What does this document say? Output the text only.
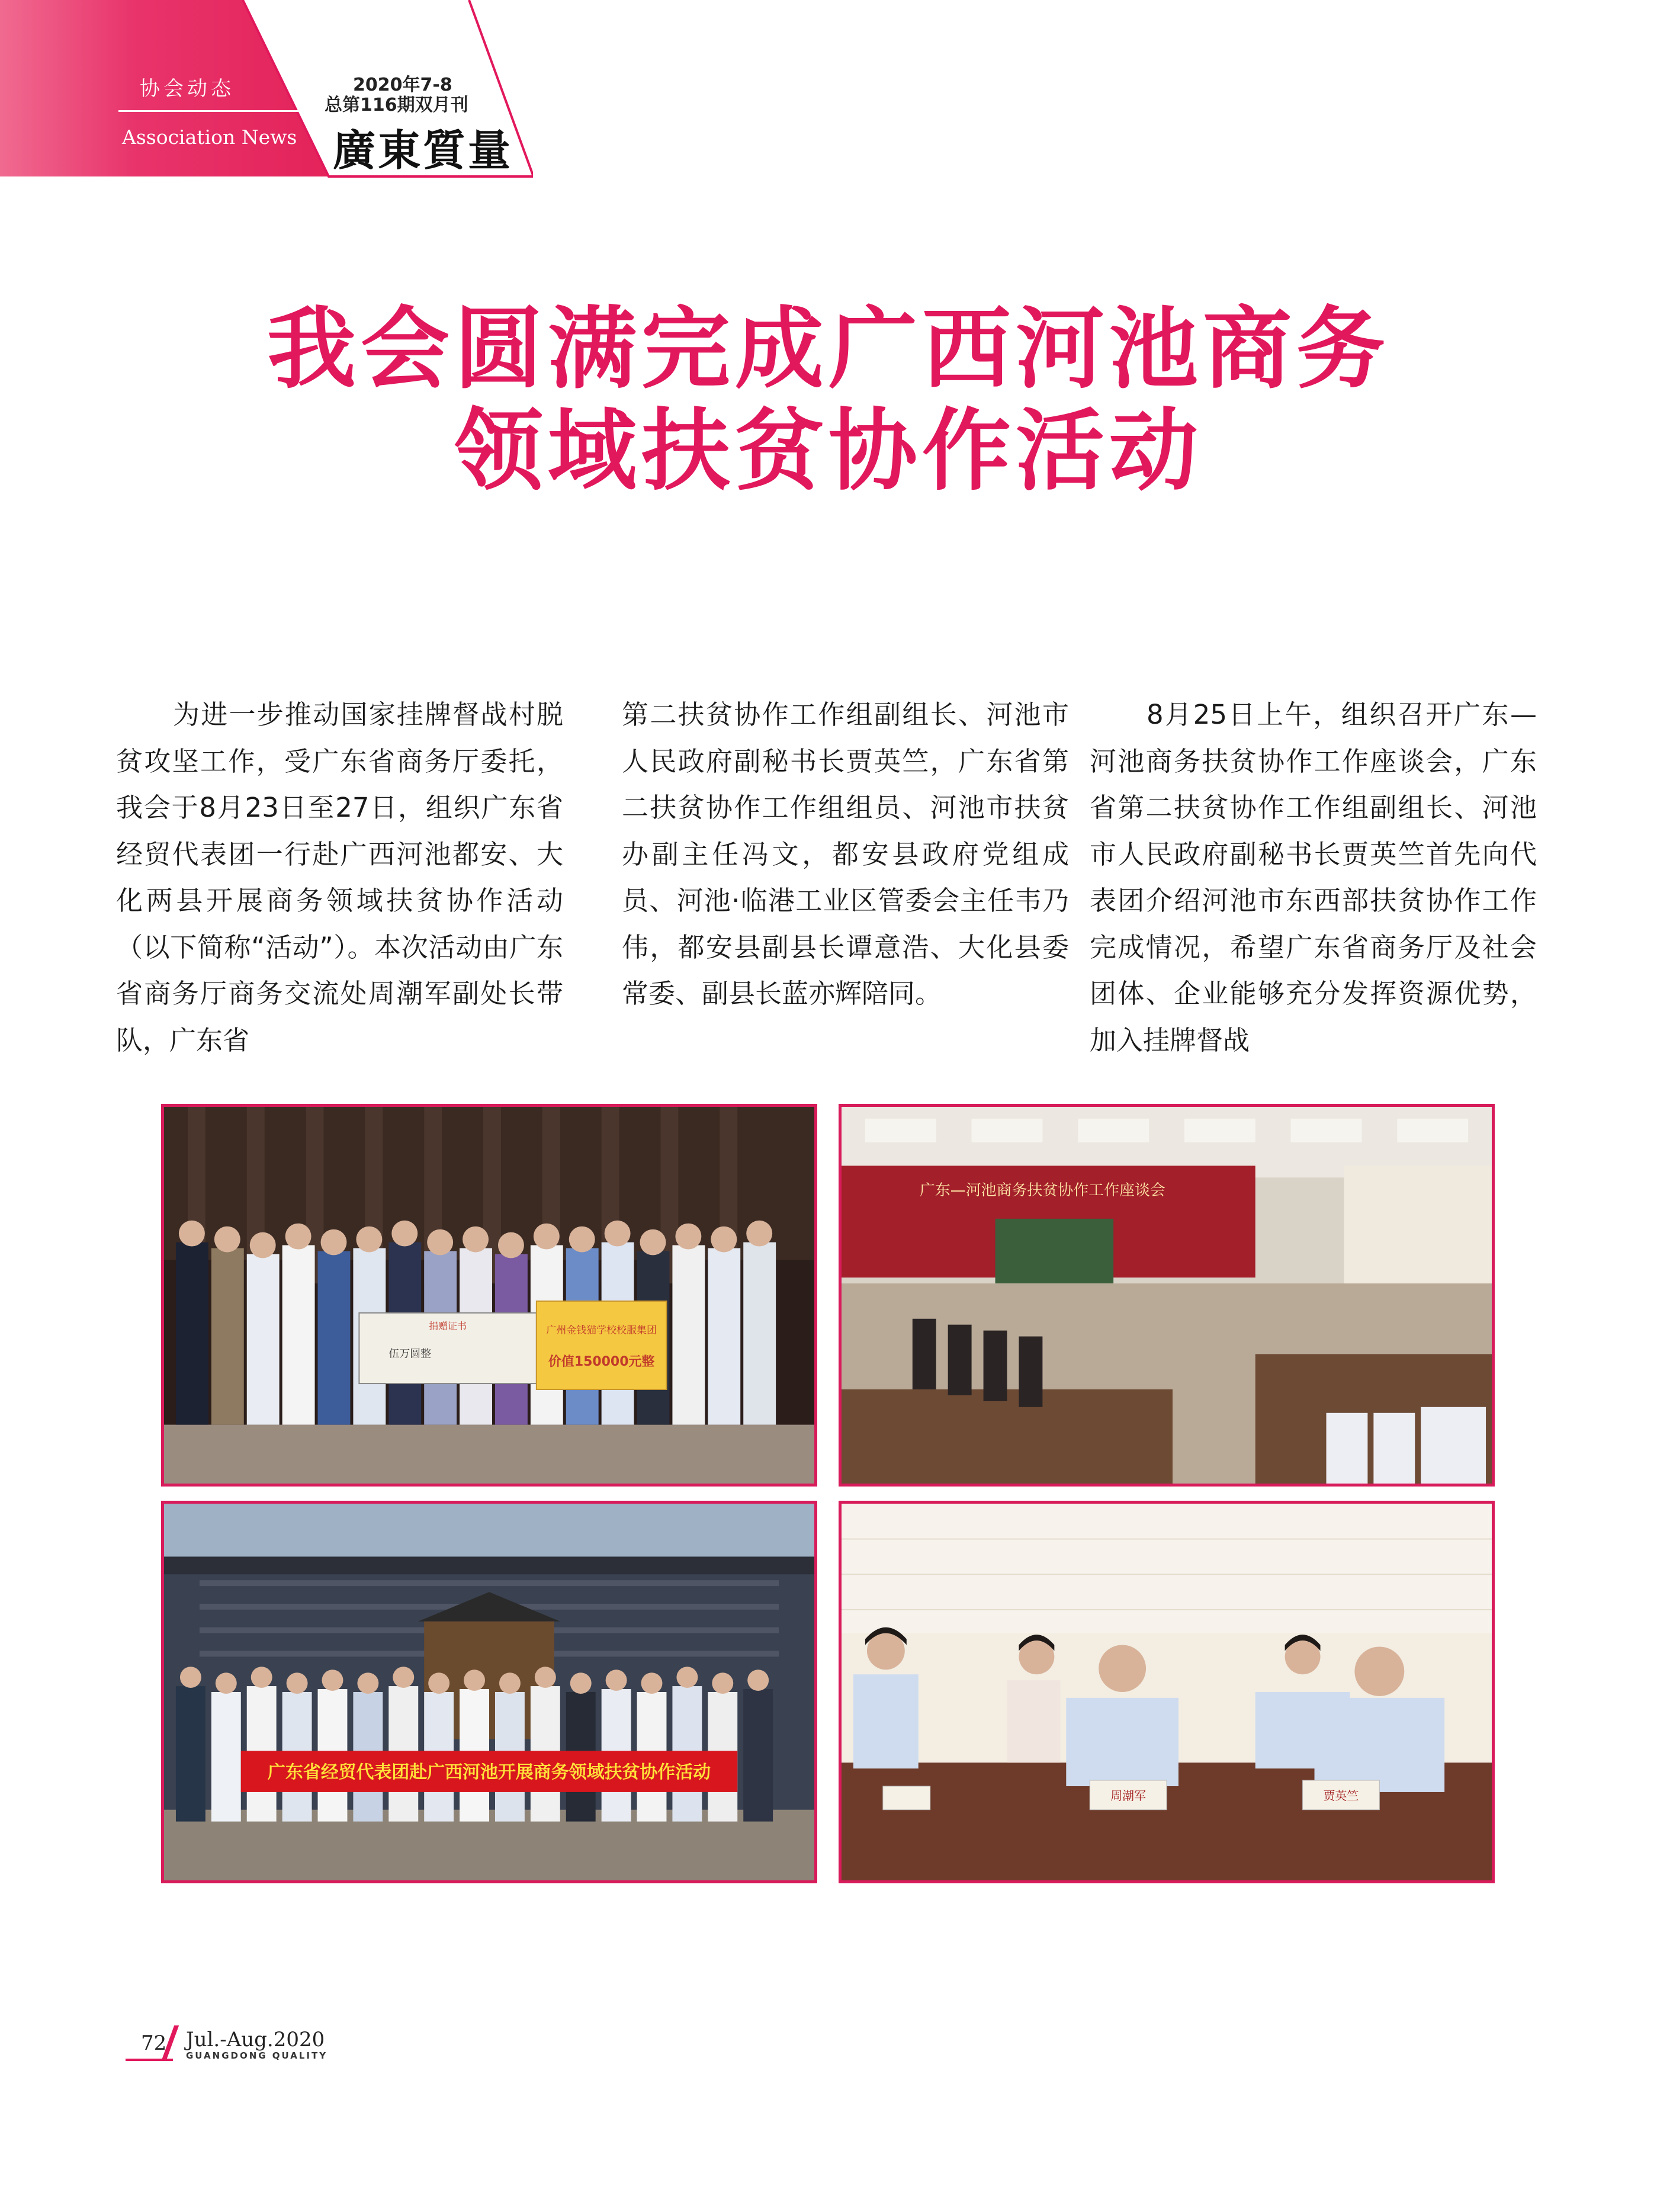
协会动态
Association News
2020年7-8
总第116期双月刊
廣東質量
我会圆满完成广西河池商务
领域扶贫协作活动

为进一步推动国家挂牌督战村脱贫攻坚工作，受广东省商务厅委托，我会于8月23日至27日，组织广东省经贸代表团一行赴广西河池都安、大化两县开展商务领域扶贫协作活动（以下简称“活动”）。本次活动由广东省商务厅商务交流处周潮军副处长带队，广东省

第二扶贫协作工作组副组长、河池市人民政府副秘书长贾英竺，广东省第二扶贫协作工作组组员、河池市扶贫办副主任冯文，都安县政府党组成员、河池·临港工业区管委会主任韦乃伟，都安县副县长谭意浩、大化县委常委、副县长蓝亦辉陪同。

8月25日上午，组织召开广东—河池商务扶贫协作工作座谈会，广东省第二扶贫协作工作组副组长、河池市人民政府副秘书长贾英竺首先向代表团介绍河池市东西部扶贫协作工作完成情况，希望广东省商务厅及社会团体、企业能够充分发挥资源优势，加入挂牌督战

捐赠证书
伍万圆整
广州金钱猫学校校服集团
价值150000元整
广东—河池商务扶贫协作工作座谈会
广东省经贸代表团赴广西河池开展商务领域扶贫协作活动
周潮军	贾英竺
72 Jul.-Aug.2020
GUANGDONG QUALITY
